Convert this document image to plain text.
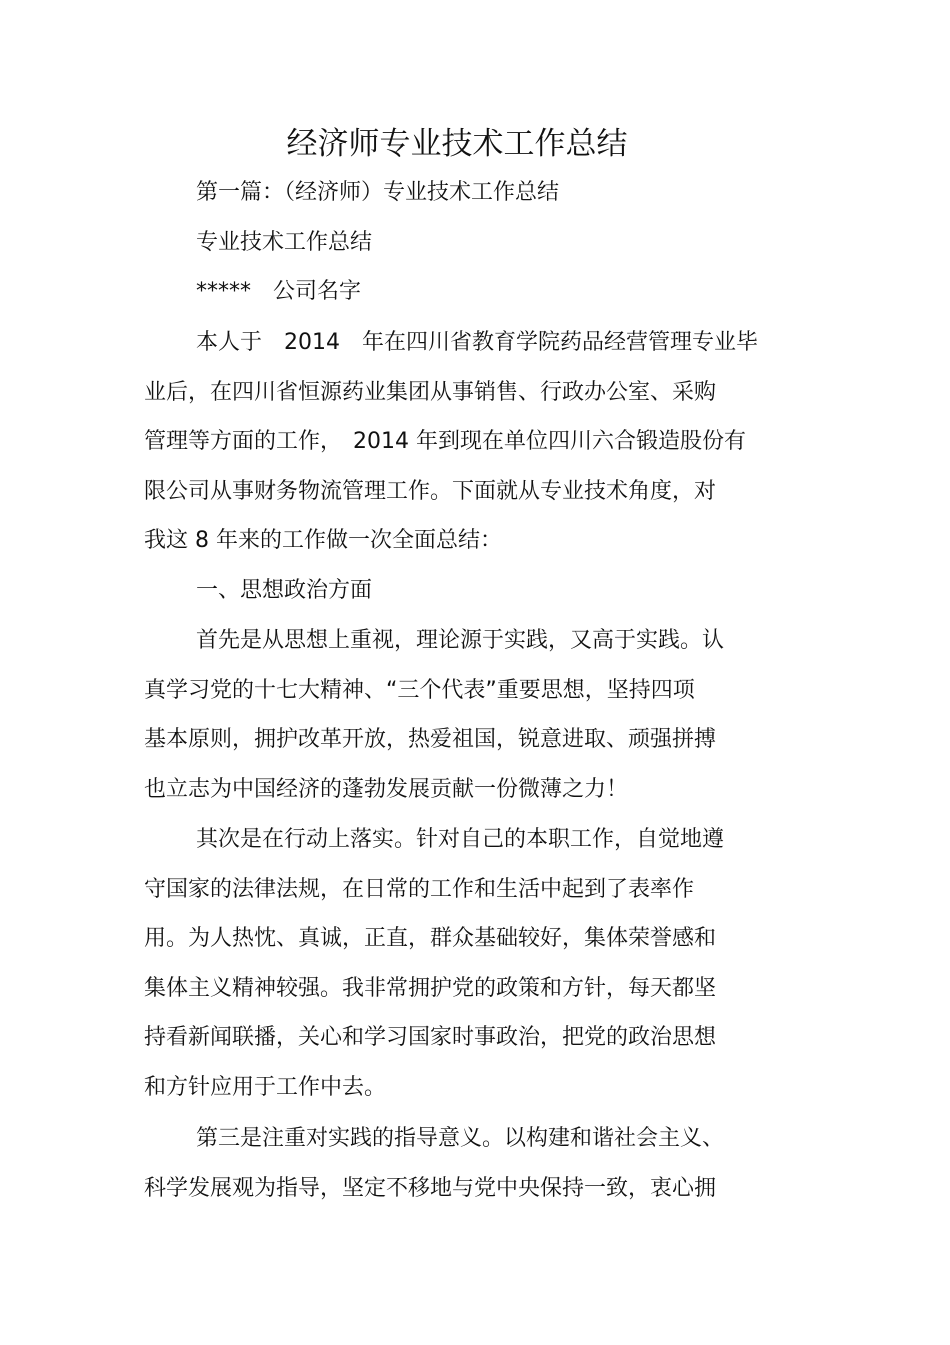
经济师专业技术工作总结
第一篇：（经济师）专业技术工作总结
专业技术工作总结
*****　公司名字
本人于　2014　年在四川省教育学院药品经营管理专业毕
业后，在四川省恒源药业集团从事销售、行政办公室、采购
管理等方面的工作，　2014 年到现在单位四川六合锻造股份有
限公司从事财务物流管理工作。下面就从专业技术角度，对
我这 8 年来的工作做一次全面总结：
一、思想政治方面
首先是从思想上重视，理论源于实践，又高于实践。认
真学习党的十七大精神、“三个代表”重要思想，坚持四项
基本原则，拥护改革开放，热爱祖国，锐意进取、顽强拼搏
也立志为中国经济的蓬勃发展贡献一份微薄之力！
其次是在行动上落实。针对自己的本职工作，自觉地遵
守国家的法律法规，在日常的工作和生活中起到了表率作
用。为人热忱、真诚，正直，群众基础较好，集体荣誉感和
集体主义精神较强。我非常拥护党的政策和方针，每天都坚
持看新闻联播，关心和学习国家时事政治，把党的政治思想
和方针应用于工作中去。
第三是注重对实践的指导意义。以构建和谐社会主义、
科学发展观为指导，坚定不移地与党中央保持一致，衷心拥
